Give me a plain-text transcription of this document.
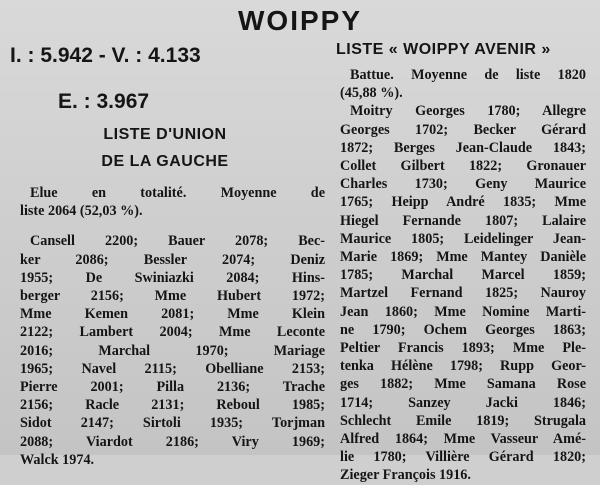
WOIPPY
I. : 5.942 - V. : 4.133
E. : 3.967
LISTE D'UNION
DE LA GAUCHE
Elue en totalité. Moyenne de
liste 2064 (52,03 %).
Cansell 2200; Bauer 2078; Bec-
ker 2086; Bessler 2074; Deniz
1955; De Swiniazki 2084; Hins-
berger 2156; Mme Hubert 1972;
Mme Kemen 2081; Mme Klein
2122; Lambert 2004; Mme Leconte
2016; Marchal 1970; Mariage
1965; Navel 2115; Obelliane 2153;
Pierre 2001; Pilla 2136; Trache
2156; Racle 2131; Reboul 1985;
Sidot 2147; Sirtoli 1935; Torjman
2088; Viardot 2186; Viry 1969;
Walck 1974.
LISTE « WOIPPY AVENIR »
Battue. Moyenne de liste 1820
(45,88 %).
Moitry Georges 1780; Allegre
Georges 1702; Becker Gérard
1872; Berges Jean-Claude 1843;
Collet Gilbert 1822; Gronauer
Charles 1730; Geny Maurice
1765; Heipp André 1835; Mme
Hiegel Fernande 1807; Lalaire
Maurice 1805; Leidelinger Jean-
Marie 1869; Mme Mantey Danièle
1785; Marchal Marcel 1859;
Martzel Fernand 1825; Nauroy
Jean 1860; Mme Nomine Marti-
ne 1790; Ochem Georges 1863;
Peltier Francis 1893; Mme Ple-
tenka Hélène 1798; Rupp Geor-
ges 1882; Mme Samana Rose
1714; Sanzey Jacki 1846;
Schlecht Emile 1819; Strugala
Alfred 1864; Mme Vasseur Amé-
lie 1780; Villière Gérard 1820;
Zieger François 1916.
